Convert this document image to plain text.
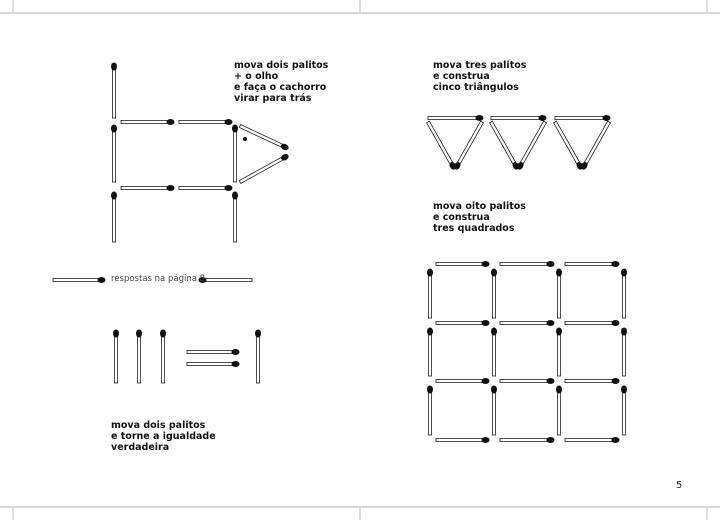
mova dois palitos
+ o olho
e faça o cachorro
virar para trás
mova tres palitos
e construa
cinco triângulos
mova oito palitos
e construa
tres quadrados
mova dois palitos
e torne a igualdade
verdadeira
respostas na página 8
5
